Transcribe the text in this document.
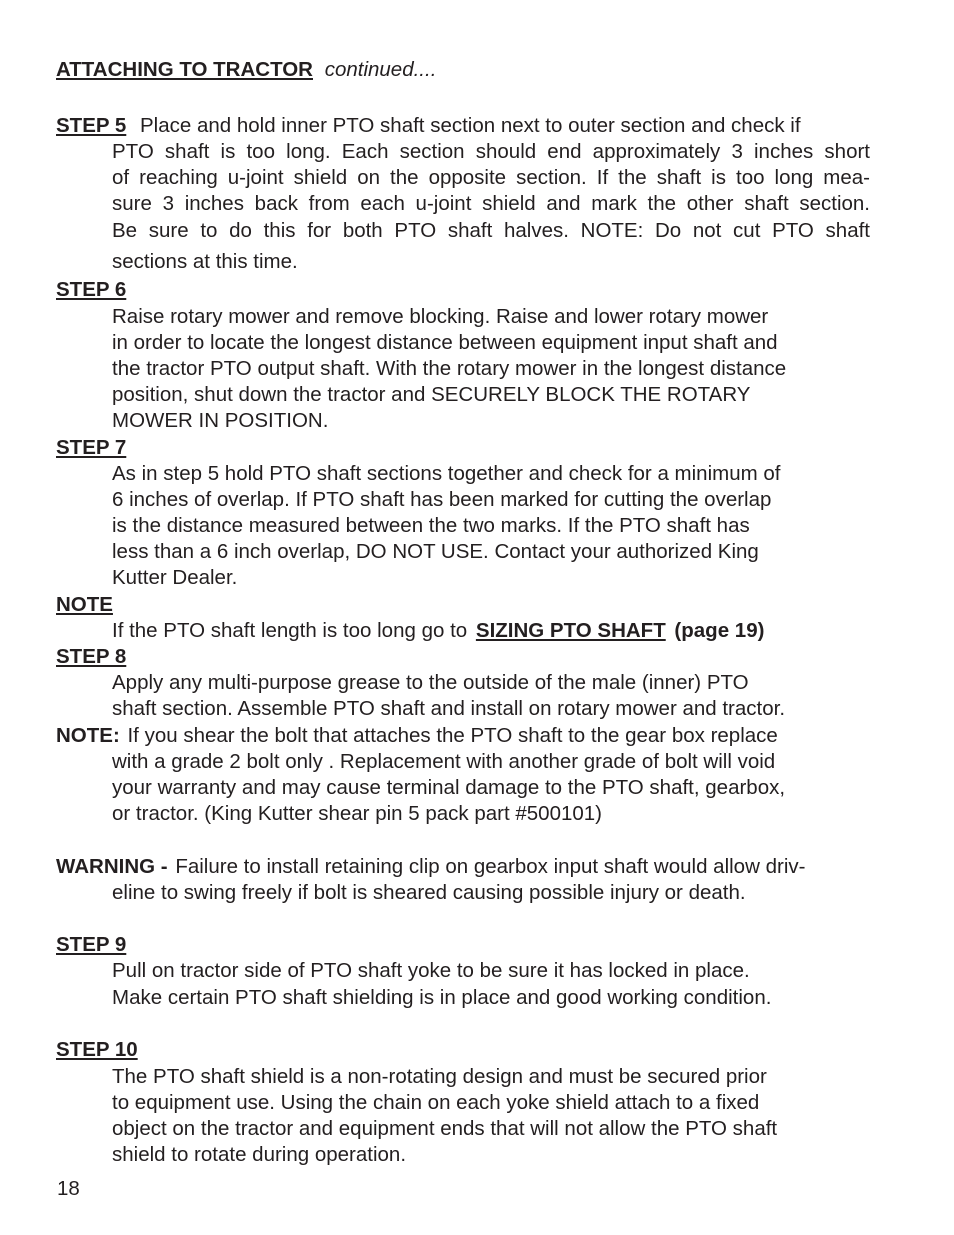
ATTACHING TO TRACTOR continued....
STEP 5 Place and hold inner PTO shaft section next to outer section and check if
PTO shaft is too long. Each section should end approximately 3 inches short
of reaching u-joint shield on the opposite section. If the shaft is too long mea-
sure 3 inches back from each u-joint shield and mark the other shaft section.
Be sure to do this for both PTO shaft halves. NOTE: Do not cut PTO shaft
sections at this time.
STEP 6
Raise rotary mower and remove blocking. Raise and lower rotary mower
in order to locate the longest distance between equipment input shaft and
the tractor PTO output shaft. With the rotary mower in the longest distance
position, shut down the tractor and SECURELY BLOCK THE ROTARY
MOWER IN POSITION.
STEP 7
As in step 5 hold PTO shaft sections together and check for a minimum of
6 inches of overlap. If PTO shaft has been marked for cutting the overlap
is the distance measured between the two marks. If the PTO shaft has
less than a 6 inch overlap, DO NOT USE. Contact your authorized King
Kutter Dealer.
NOTE
If the PTO shaft length is too long go to SIZING PTO SHAFT (page 19)
STEP 8
Apply any multi-purpose grease to the outside of the male (inner) PTO
shaft section. Assemble PTO shaft and install on rotary mower and tractor.
NOTE: If you shear the bolt that attaches the PTO shaft to the gear box replace
with a grade 2 bolt only . Replacement with another grade of bolt will void
your warranty and may cause terminal damage to the PTO shaft, gearbox,
or tractor. (King Kutter shear pin 5 pack part #500101)
WARNING - Failure to install retaining clip on gearbox input shaft would allow driv-
eline to swing freely if bolt is sheared causing possible injury or death.
STEP 9
Pull on tractor side of PTO shaft yoke to be sure it has locked in place.
Make certain PTO shaft shielding is in place and good working condition.
STEP 10
The PTO shaft shield is a non-rotating design and must be secured prior
to equipment use. Using the chain on each yoke shield attach to a fixed
object on the tractor and equipment ends that will not allow the PTO shaft
shield to rotate during operation.
18
